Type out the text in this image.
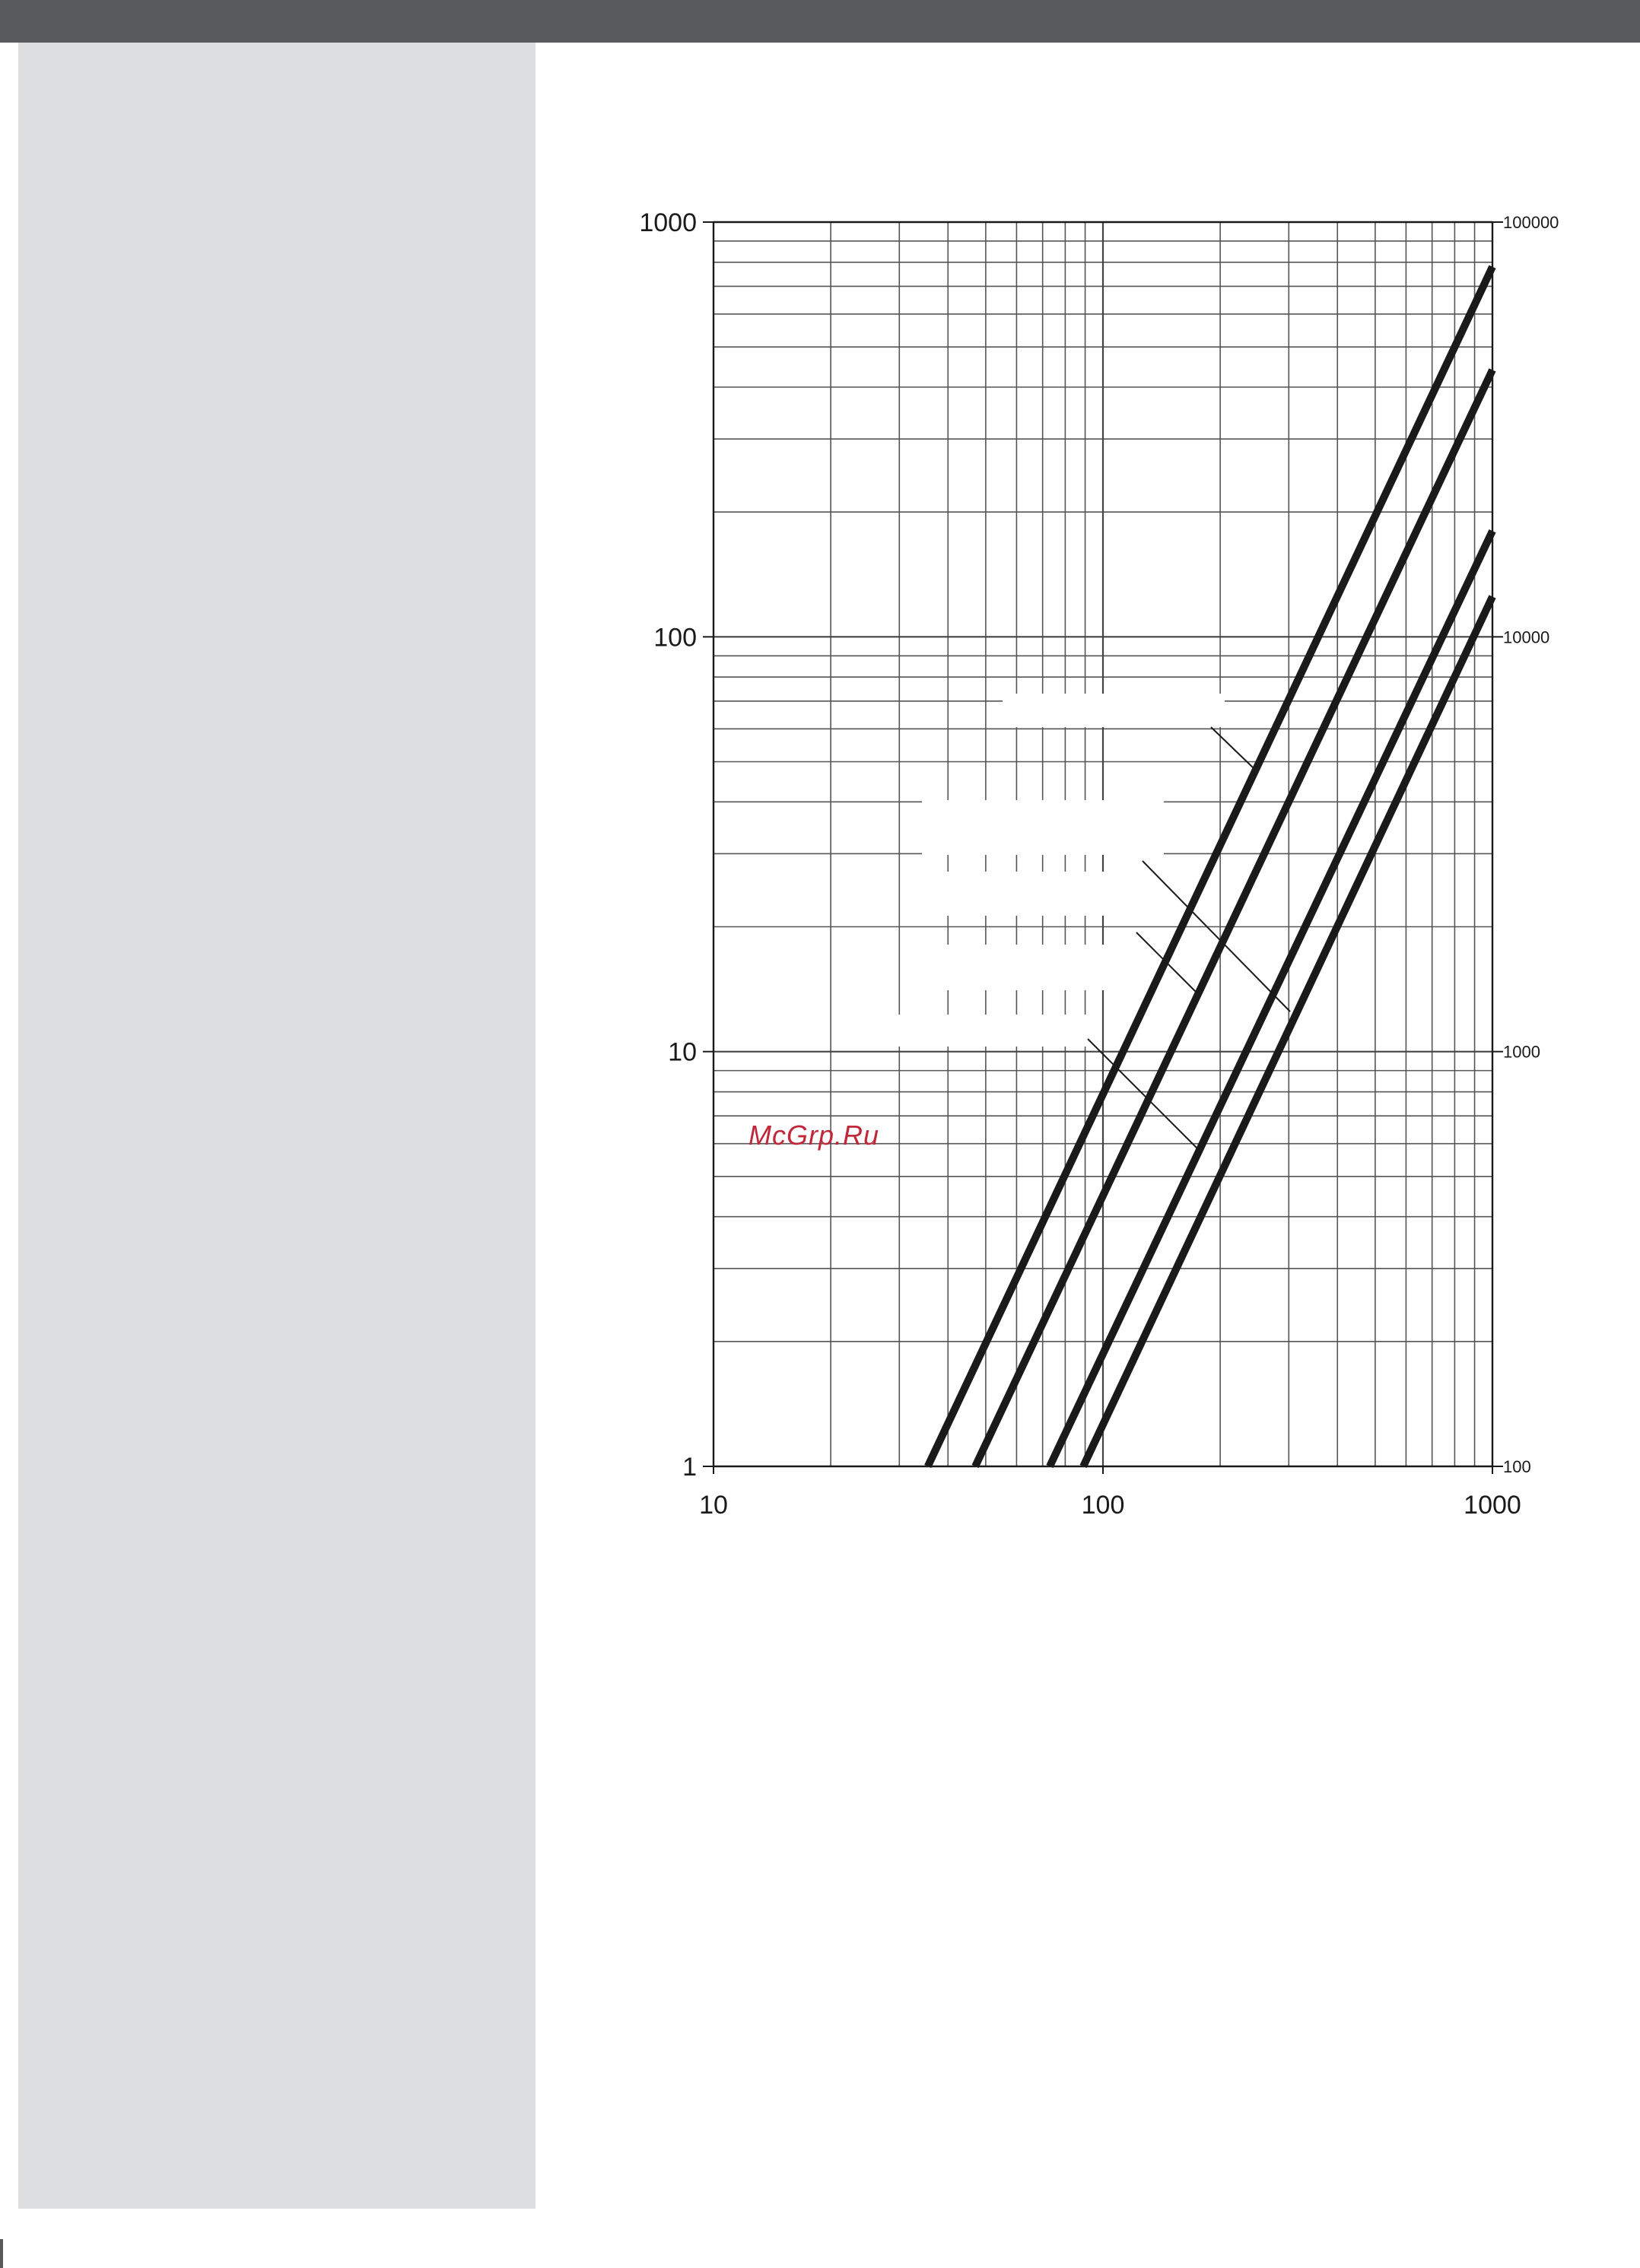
1
10
100
1000
100
1000
10000
100000
10	100	1000
McGrp.Ru
